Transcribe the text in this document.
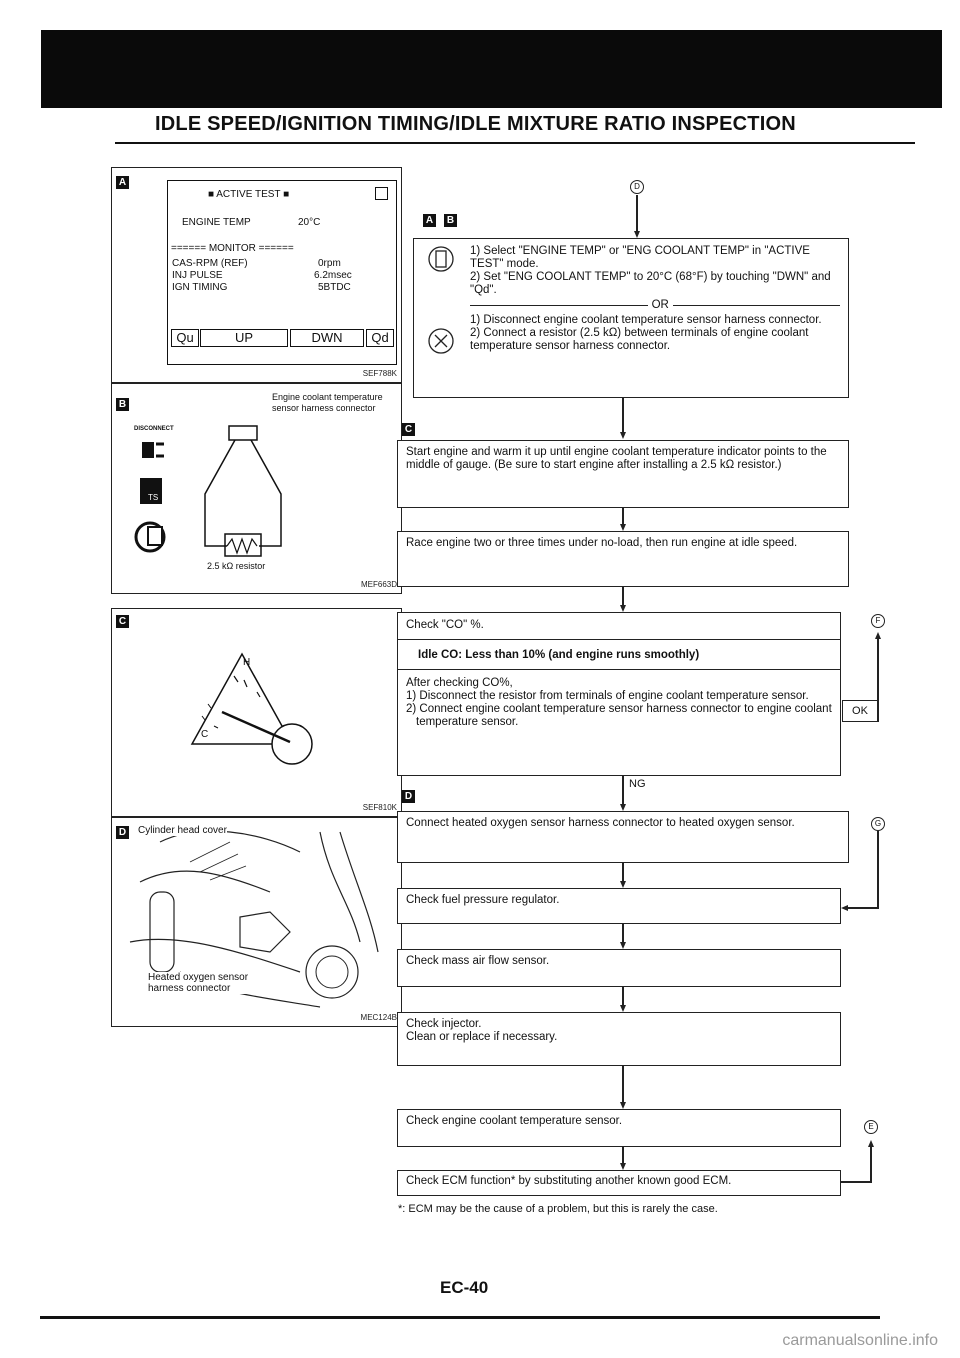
IDLE SPEED/IGNITION TIMING/IDLE MIXTURE RATIO INSPECTION
A
SEF788K
■ ACTIVE TEST ■
ENGINE TEMP	20°C
====== MONITOR ======
CAS-RPM (REF)	0rpm
INJ PULSE	6.2msec
IGN TIMING	5BTDC
Qu	UP	DWN	Qd
B
DISCONNECT
TS
Engine coolant temperature sensor harness connector
2.5 kΩ resistor
MEF663D
C
H
C
SEF810K
D Cylinder head cover
Heated oxygen sensor harness connector
MEC124B
D
A B

1) Select "ENGINE TEMP" or "ENG COOLANT TEMP" in "ACTIVE TEST" mode.

2) Set "ENG COOLANT TEMP" to 20°C (68°F) by touching "DWN" and "Qd".

OR

1) Disconnect engine coolant temperature sensor harness connector.

2) Connect a resistor (2.5 kΩ) between terminals of engine coolant temperature sensor harness connector.

C

Start engine and warm it up until engine coolant temperature indicator points to the middle of gauge. (Be sure to start engine after installing a 2.5 kΩ resistor.)

Race engine two or three times under no-load, then run engine at idle speed.

Check "CO" %.
Idle CO: Less than 10% (and engine runs smoothly)

After checking CO%,

1) Disconnect the resistor from terminals of engine coolant temperature sensor.

2) Connect engine coolant temperature sensor harness connector to engine coolant temperature sensor.

OK
F
NG
D

Connect heated oxygen sensor harness connector to heated oxygen sensor.	G

Check fuel pressure regulator.

Check mass air flow sensor.

Check injector.

Clean or replace if necessary.

Check engine coolant temperature sensor.	E

Check ECM function* by substituting another known good ECM.

*: ECM may be the cause of a problem, but this is rarely the case.
EC-40
carmanualsonline.info
